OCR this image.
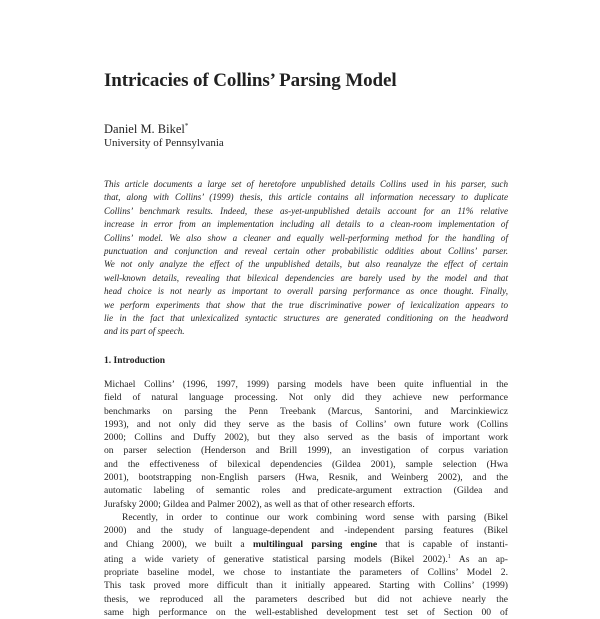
Intricacies of Collins’ Parsing Model
Daniel M. Bikel*
University of Pennsylvania
This article documents a large set of heretofore unpublished details Collins used in his parser, such
that, along with Collins’ (1999) thesis, this article contains all information necessary to duplicate
Collins’ benchmark results. Indeed, these as-yet-unpublished details account for an 11% relative
increase in error from an implementation including all details to a clean-room implementation of
Collins’ model. We also show a cleaner and equally well-performing method for the handling of
punctuation and conjunction and reveal certain other probabilistic oddities about Collins’ parser.
We not only analyze the effect of the unpublished details, but also reanalyze the effect of certain
well-known details, revealing that bilexical dependencies are barely used by the model and that
head choice is not nearly as important to overall parsing performance as once thought. Finally,
we perform experiments that show that the true discriminative power of lexicalization appears to
lie in the fact that unlexicalized syntactic structures are generated conditioning on the headword
and its part of speech.
1. Introduction
Michael Collins’ (1996, 1997, 1999) parsing models have been quite influential in the
field of natural language processing. Not only did they achieve new performance
benchmarks on parsing the Penn Treebank (Marcus, Santorini, and Marcinkiewicz
1993), and not only did they serve as the basis of Collins’ own future work (Collins
2000; Collins and Duffy 2002), but they also served as the basis of important work
on parser selection (Henderson and Brill 1999), an investigation of corpus variation
and the effectiveness of bilexical dependencies (Gildea 2001), sample selection (Hwa
2001), bootstrapping non-English parsers (Hwa, Resnik, and Weinberg 2002), and the
automatic labeling of semantic roles and predicate-argument extraction (Gildea and
Jurafsky 2000; Gildea and Palmer 2002), as well as that of other research efforts.
Recently, in order to continue our work combining word sense with parsing (Bikel
2000) and the study of language-dependent and -independent parsing features (Bikel
and Chiang 2000), we built a multilingual parsing engine that is capable of instanti-
ating a wide variety of generative statistical parsing models (Bikel 2002).$^1$ As an ap-
propriate baseline model, we chose to instantiate the parameters of Collins’ Model 2.
This task proved more difficult than it initially appeared. Starting with Collins’ (1999)
thesis, we reproduced all the parameters described but did not achieve nearly the
same high performance on the well-established development test set of Section 00 of
